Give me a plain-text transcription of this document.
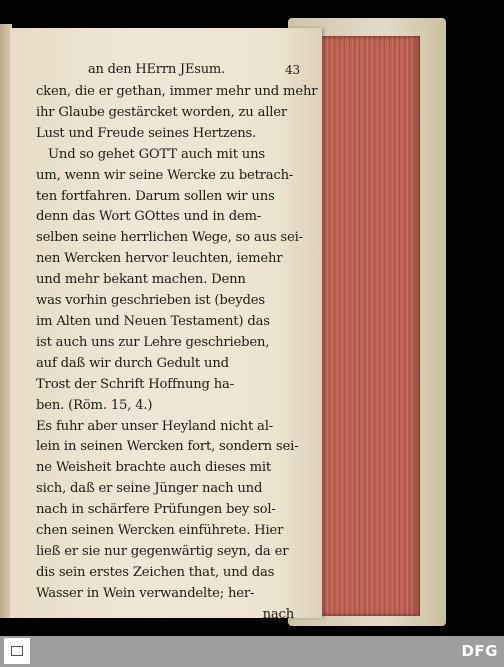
an den HErrn JEsum.	43
cken, die er gethan, immer mehr und mehr
ihr Glaube gestärcket worden, zu aller
Lust und Freude seines Hertzens.
Und so gehet GOTT auch mit uns
um, wenn wir seine Wercke zu betrach-
ten fortfahren. Darum sollen wir uns
denn das Wort GOttes und in dem-
selben seine herrlichen Wege, so aus sei-
nen Wercken hervor leuchten, iemehr
und mehr bekant machen. Denn
was vorhin geschrieben ist (beydes
im Alten und Neuen Testament) das
ist auch uns zur Lehre geschrieben,
auf daß wir durch Gedult und
Trost der Schrift Hoffnung ha-
ben. (Röm. 15, 4.)
Es fuhr aber unser Heyland nicht al-
lein in seinen Wercken fort, sondern sei-
ne Weisheit brachte auch dieses mit
sich, daß er seine Jünger nach und
nach in schärfere Prüfungen bey sol-
chen seinen Wercken einführete. Hier
ließ er sie nur gegenwärtig seyn, da er
dis sein erstes Zeichen that, und das
Wasser in Wein verwandelte; her-
nach
DFG
